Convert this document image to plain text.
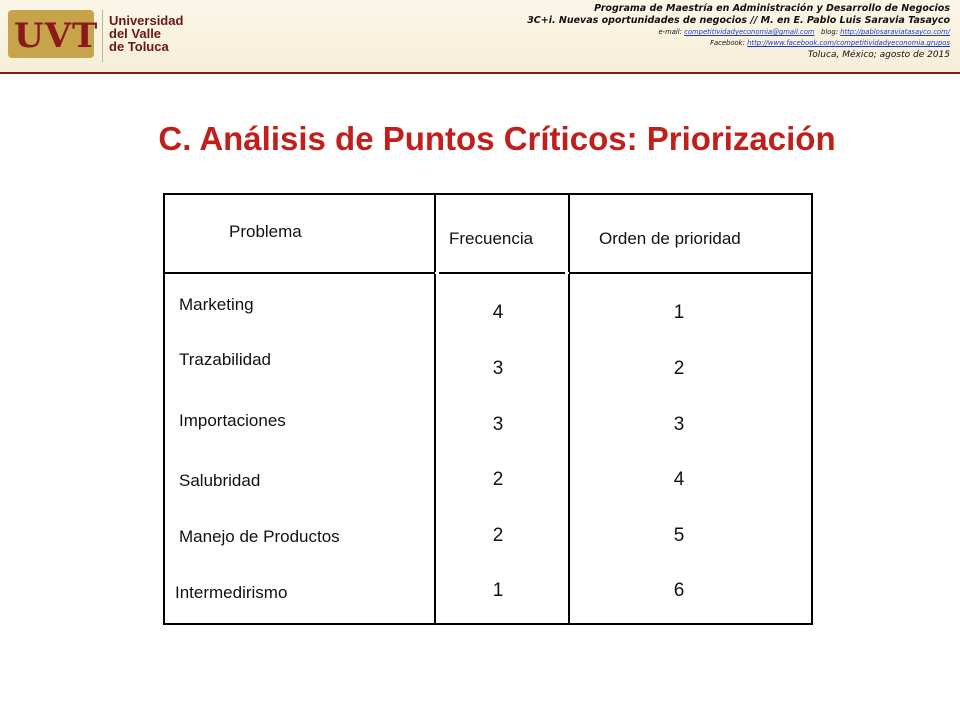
UVT Universidad
del Valle
de Toluca
Programa de Maestría en Administración y Desarrollo de Negocios
3C+i. Nuevas oportunidades de negocios // M. en E. Pablo Luis Saravia Tasayco
e-mail: competitividadyeconomia@gmail.com blog: http://pablosaraviatasayco.com/
Facebook: http://www.facebook.com/competitividadyeconomia.grupos
Toluca, México; agosto de 2015
C. Análisis de Puntos Críticos: Priorización
Problema	Frecuencia	Orden de prioridad
Marketing	4	1
Trazabilidad	3	2
Importaciones	3	3
Salubridad	2	4
Manejo de Productos	2	5
Intermedirismo	1	6
